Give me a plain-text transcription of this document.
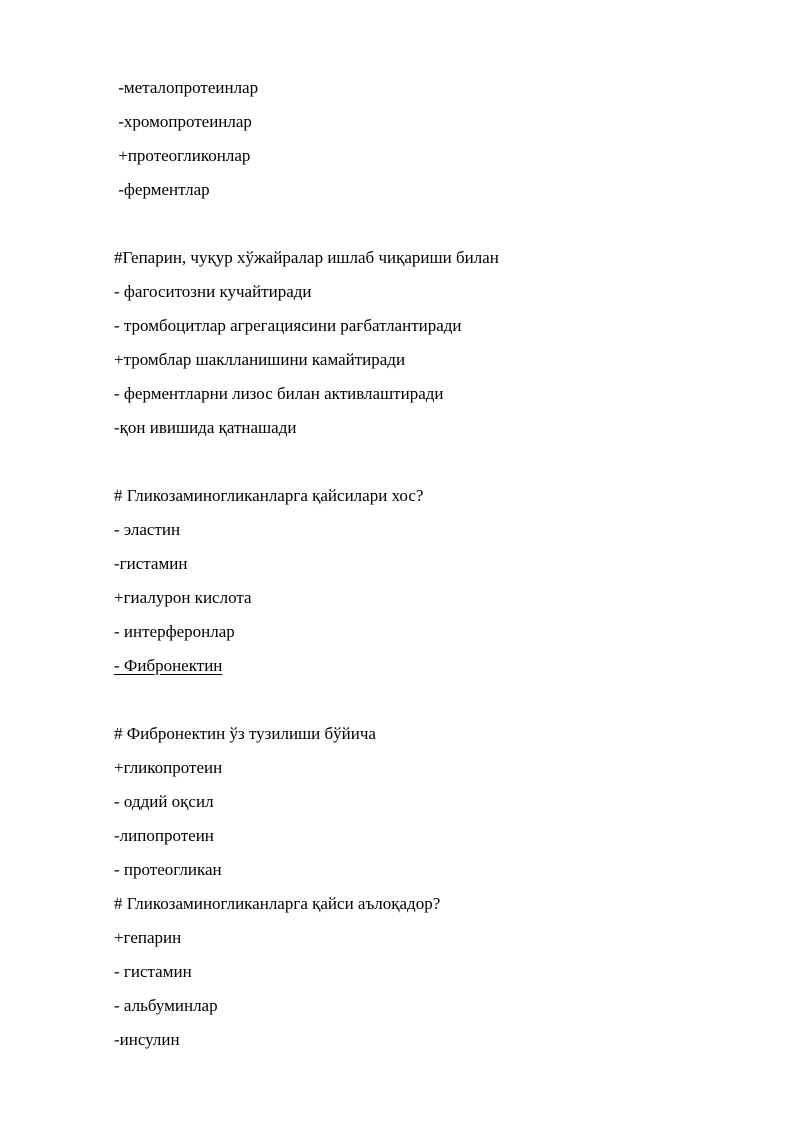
-металопротеинлар
-хромопротеинлар
+протеогликонлар
-ферментлар
#Гепарин, чуқур хўжайралар ишлаб чиқариши билан
- фагоситозни кучайтиради
- тромбоцитлар агрегациясини рағбатлантиради
+тромблар шаклланишини камайтиради
- ферментларни лизос билан активлаштиради
-қон ивишида қатнашади
# Гликозаминогликанларга қайсилари хос?
- эластин
-гистамин
+гиалурон кислота
- интерферонлар
- Фибронектин
# Фибронектин ўз тузилиши бўйича
+гликопротеин
- оддий оқсил
-липопротеин
- протеогликан
# Гликозаминогликанларга қайси аълоқадор?
+гепарин
- гистамин
- альбуминлар
-инсулин
